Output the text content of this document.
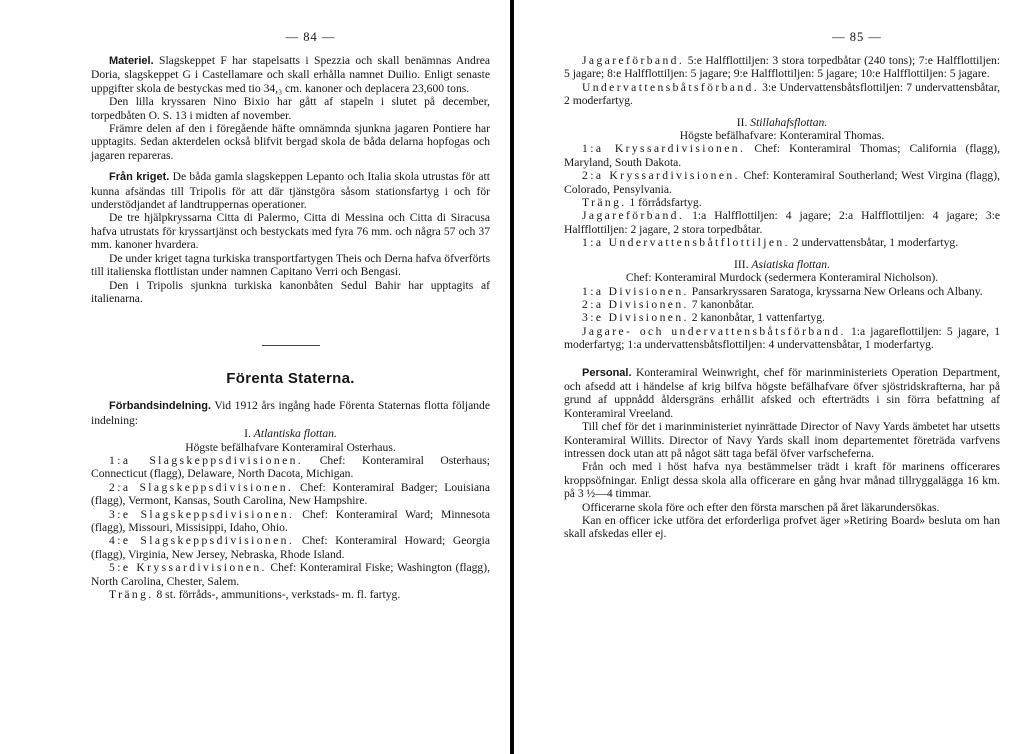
— 84 —

Materiel. Slagskeppet F har stapelsatts i Spezzia och skall benämnas Andrea Doria, slagskeppet G i Castellamare och skall erhålla namnet Duilio. Enligt senaste uppgifter skola de bestyckas med tio 34,₃ cm. kanoner och deplacera 23,600 tons.

Den lilla kryssaren Nino Bixio har gått af stapeln i slutet på december, torpedbåten O. S. 13 i midten af november.

Främre delen af den i föregående häfte omnämnda sjunkna jagaren Pontiere har upptagits. Sedan akterdelen också blifvit bergad skola de båda delarna hopfogas och jagaren repareras.

Från kriget. De båda gamla slagskeppen Lepanto och Italia skola utrustas för att kunna afsändas till Tripolis för att där tjänstgöra såsom stationsfartyg i och för understödjandet af landtruppernas operationer.

De tre hjälpkryssarna Citta di Palermo, Citta di Messina och Citta di Siracusa hafva utrustats för kryssartjänst och bestyckats med fyra 76 mm. och några 57 och 37 mm. kanoner hvardera.

De under kriget tagna turkiska transportfartygen Theis och Derna hafva öfverförts till italienska flottlistan under namnen Capitano Verri och Bengasi.

Den i Tripolis sjunkna turkiska kanonbåten Sedul Bahir har upptagits af italienarna.

Förenta Staterna.

Förbandsindelning. Vid 1912 års ingång hade Förenta Staternas flotta följande indelning:

I. Atlantiska flottan.

Högste befälhafvare Konteramiral Osterhaus.

1:a Slagskeppsdivisionen. Chef: Konteramiral Osterhaus; Connecticut (flagg), Delaware, North Dacota, Michigan.

2:a Slagskeppsdivisionen. Chef: Konteramiral Badger; Louisiana (flagg), Vermont, Kansas, South Carolina, New Hampshire.

3:e Slagskeppsdivisionen. Chef: Konteramiral Ward; Minnesota (flagg), Missouri, Missisippi, Idaho, Ohio.

4:e Slagskeppsdivisionen. Chef: Konteramiral Howard; Georgia (flagg), Virginia, New Jersey, Nebraska, Rhode Island.

5:e Kryssardivisionen. Chef: Konteramiral Fiske; Washington (flagg), North Carolina, Chester, Salem.

Träng. 8 st. förråds-, ammunitions-, verkstads- m. fl. fartyg.

— 85 —

Jagareförband. 5:e Halfflottiljen: 3 stora torpedbåtar (240 tons); 7:e Halfflottiljen: 5 jagare; 8:e Halfflottiljen: 5 jagare; 9:e Halfflottiljen: 5 jagare; 10:e Halfflottiljen: 5 jagare.

Undervattensbåtsförband. 3:e Undervattensbåtsflottiljen: 7 undervattensbåtar, 2 moderfartyg.

II. Stillahafsflottan.

Högste befälhafvare: Konteramiral Thomas.

1:a Kryssardivisionen. Chef: Konteramiral Thomas; California (flagg), Maryland, South Dakota.

2:a Kryssardivisionen. Chef: Konteramiral Southerland; West Virgina (flagg), Colorado, Pensylvania.

Träng. 1 förrådsfartyg.

Jagareförband. 1:a Halfflottiljen: 4 jagare; 2:a Halfflottiljen: 4 jagare; 3:e Halfflottiljen: 2 jagare, 2 stora torpedbåtar.

1:a Undervattensbåtflottiljen. 2 undervattensbåtar, 1 moderfartyg.

III. Asiatiska flottan.

Chef: Konteramiral Murdock (sedermera Konteramiral Nicholson).

1:a Divisionen. Pansarkryssaren Saratoga, kryssarna New Orleans och Albany.

2:a Divisionen. 7 kanonbåtar.

3:e Divisionen. 2 kanonbåtar, 1 vattenfartyg.

Jagare- och undervattensbåtsförband. 1:a jagareflottiljen: 5 jagare, 1 moderfartyg; 1:a undervattensbåtsflottiljen: 4 undervattensbåtar, 1 moderfartyg.

Personal. Konteramiral Weinwright, chef för marinministeriets Operation Department, och afsedd att i händelse af krig bilfva högste befälhafvare öfver sjöstridskrafterna, har på grund af uppnådd åldersgräns erhållit afsked och efterträdts i sin förra befattning af Konteramiral Vreeland.

Till chef för det i marinministeriet nyinrättade Director of Navy Yards ämbetet har utsetts Konteramiral Willits. Director of Navy Yards skall inom departementet företräda varfvens intressen dock utan att på något sätt taga befäl öfver varfschefernа.

Från och med i höst hafva nya bestämmelser trädt i kraft för marinens officerares kroppsöfningar. Enligt dessa skola alla officerare en gång hvar månad tillryggalägga 16 km. på 3 ½—4 timmar.

Officerarne skola före och efter den första marschen på året läkarundersökas.

Kan en officer icke utföra det erforderliga profvet äger »Retiring Board» besluta om han skall afskedas eller ej.
